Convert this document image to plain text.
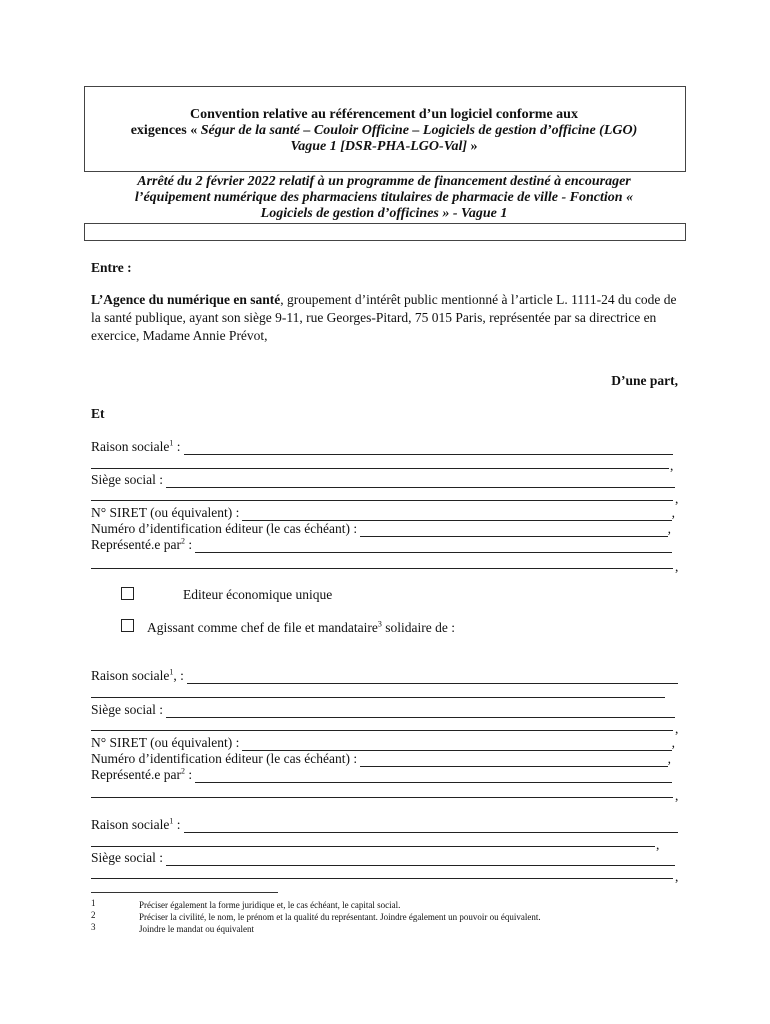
Convention relative au référencement d’un logiciel conforme aux
exigences « Ségur de la santé – Couloir Officine – Logiciels de gestion d’officine (LGO)
Vague 1 [DSR-PHA-LGO-Val] »
Arrêté du 2 février 2022 relatif à un programme de financement destiné à encourager
l’équipement numérique des pharmaciens titulaires de pharmacie de ville - Fonction «
Logiciels de gestion d’officines » - Vague 1
Entre :
L’Agence du numérique en santé, groupement d’intérêt public mentionné à l’article L. 1111-24 du code de la santé publique, ayant son siège 9-11, rue Georges-Pitard, 75 015 Paris, représentée par sa directrice en exercice, Madame Annie Prévot,
D’une part,
Et
Raison sociale$^1$ :
,
Siège social :
,
N° SIRET (ou équivalent) :	,
Numéro d’identification éditeur (le cas échéant) :	,
Représenté.e par$^2$ :
,
Editeur économique unique
Agissant comme chef de file et mandataire$^3$ solidaire de :
Raison sociale$^1$, :
Siège social :
,
N° SIRET (ou équivalent) :	,
Numéro d’identification éditeur (le cas échéant) :	,
Représenté.e par$^2$ :
,
Raison sociale$^1$ :
,
Siège social :
,
1	Préciser également la forme juridique et, le cas échéant, le capital social.
2	Préciser la civilité, le nom, le prénom et la qualité du représentant. Joindre également un pouvoir ou équivalent.
3	Joindre le mandat ou équivalent
